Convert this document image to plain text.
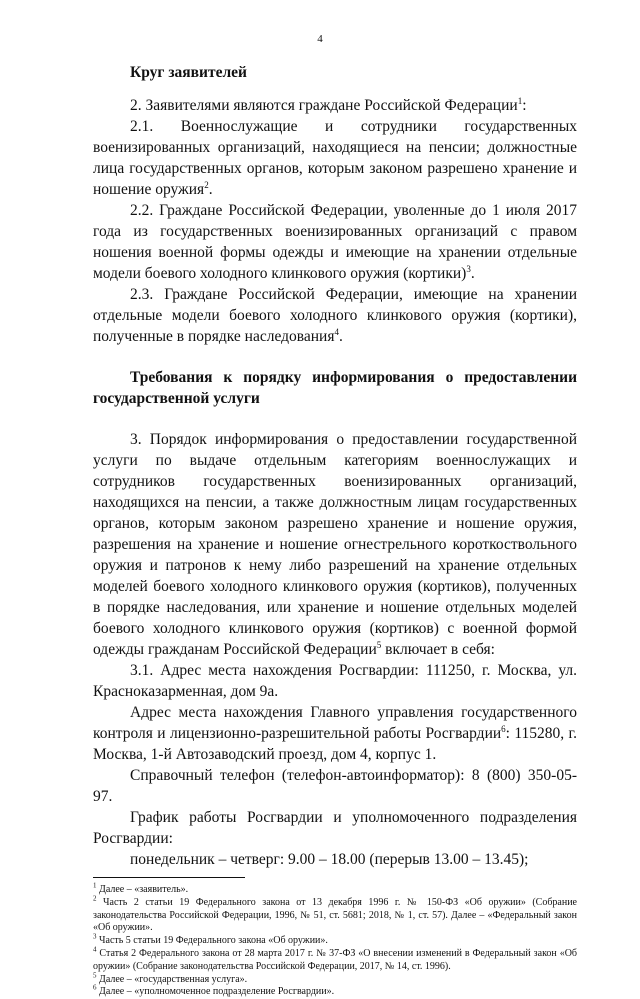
4

Круг заявителей

2. Заявителями являются граждане Российской Федерации$^1$:

2.1. Военнослужащие и сотрудники государственных военизированных организаций, находящиеся на пенсии; должностные лица государственных органов, которым законом разрешено хранение и ношение оружия$^2$.

2.2. Граждане Российской Федерации, уволенные до 1 июля 2017 года из государственных военизированных организаций с правом ношения военной формы одежды и имеющие на хранении отдельные модели боевого холодного клинкового оружия (кортики)$^3$.

2.3. Граждане Российской Федерации, имеющие на хранении отдельные модели боевого холодного клинкового оружия (кортики), полученные в порядке наследования$^4$.

Требования к порядку информирования о предоставлении государственной услуги

3. Порядок информирования о предоставлении государственной услуги по выдаче отдельным категориям военнослужащих и сотрудников государственных военизированных организаций, находящихся на пенсии, а также должностным лицам государственных органов, которым законом разрешено хранение и ношение оружия, разрешения на хранение и ношение огнестрельного короткоствольного оружия и патронов к нему либо разрешений на хранение отдельных моделей боевого холодного клинкового оружия (кортиков), полученных в порядке наследования, или хранение и ношение отдельных моделей боевого холодного клинкового оружия (кортиков) с военной формой одежды гражданам Российской Федерации$^5$ включает в себя:

3.1. Адрес места нахождения Росгвардии: 111250, г. Москва, ул. Красноказарменная, дом 9а.

Адрес места нахождения Главного управления государственного контроля и лицензионно-разрешительной работы Росгвардии$^6$: 115280, г. Москва, 1-й Автозаводский проезд, дом 4, корпус 1.

Справочный телефон (телефон-автоинформатор): 8 (800) 350-05-97.

График работы Росгвардии и уполномоченного подразделения Росгвардии:

понедельник – четверг: 9.00 – 18.00 (перерыв 13.00 – 13.45);

$^1$ Далее – «заявитель».

$^2$ Часть 2 статьи 19 Федерального закона от 13 декабря 1996 г. № 150-ФЗ «Об оружии» (Собрание законодательства Российской Федерации, 1996, № 51, ст. 5681; 2018, № 1, ст. 57). Далее – «Федеральный закон «Об оружии».

$^3$ Часть 5 статьи 19 Федерального закона «Об оружии».

$^4$ Статья 2 Федерального закона от 28 марта 2017 г. № 37-ФЗ «О внесении изменений в Федеральный закон «Об оружии» (Собрание законодательства Российской Федерации, 2017, № 14, ст. 1996).

$^5$ Далее – «государственная услуга».

$^6$ Далее – «уполномоченное подразделение Росгвардии».
